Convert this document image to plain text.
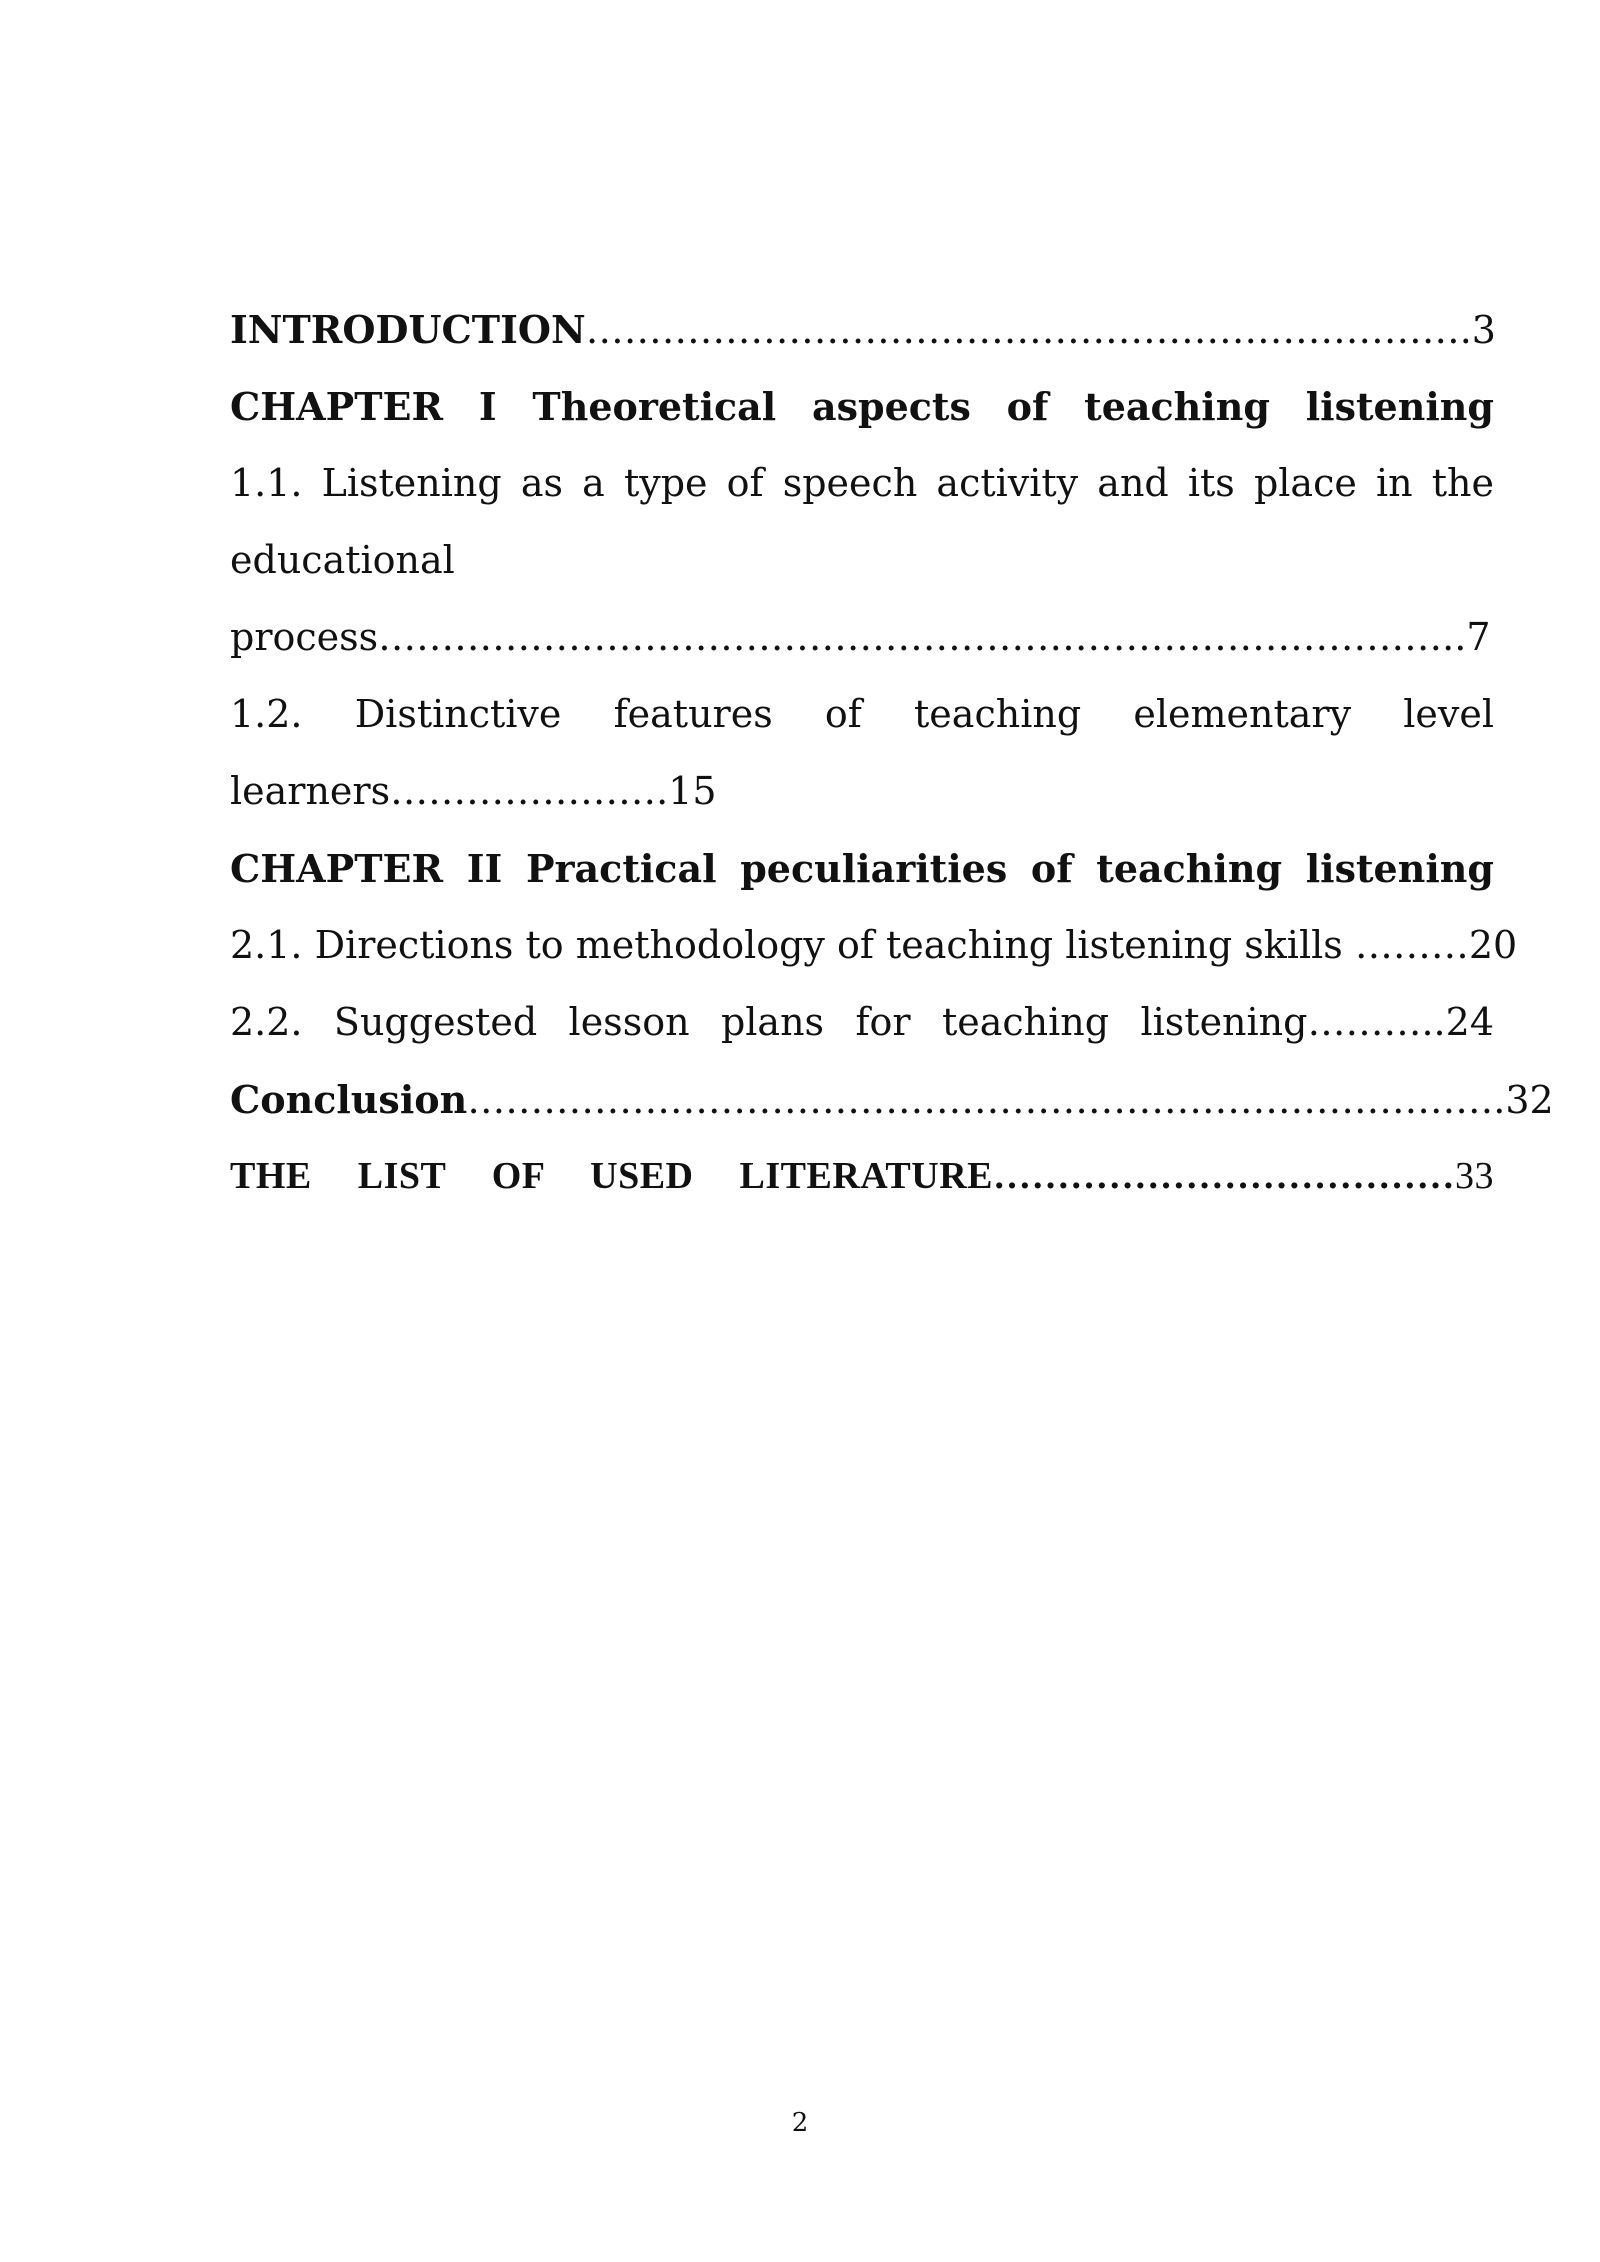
INTRODUCTION……………………………………………………………. 3
CHAPTER I Theoretical aspects of teaching listening
1.1. Listening as a type of speech activity and its place in the
educational
process…………………………………………………………………………..7
1.2. Distinctive features of teaching elementary level
learners………………….15
CHAPTER II Practical peculiarities of teaching listening
2.1. Directions to methodology of teaching listening skills ……… 20
2.2. Suggested lesson plans for teaching listening……….. 24
Conclusion……………………………………………………………………….32
THE LIST OF USED LITERATURE……………………………… 33
2
